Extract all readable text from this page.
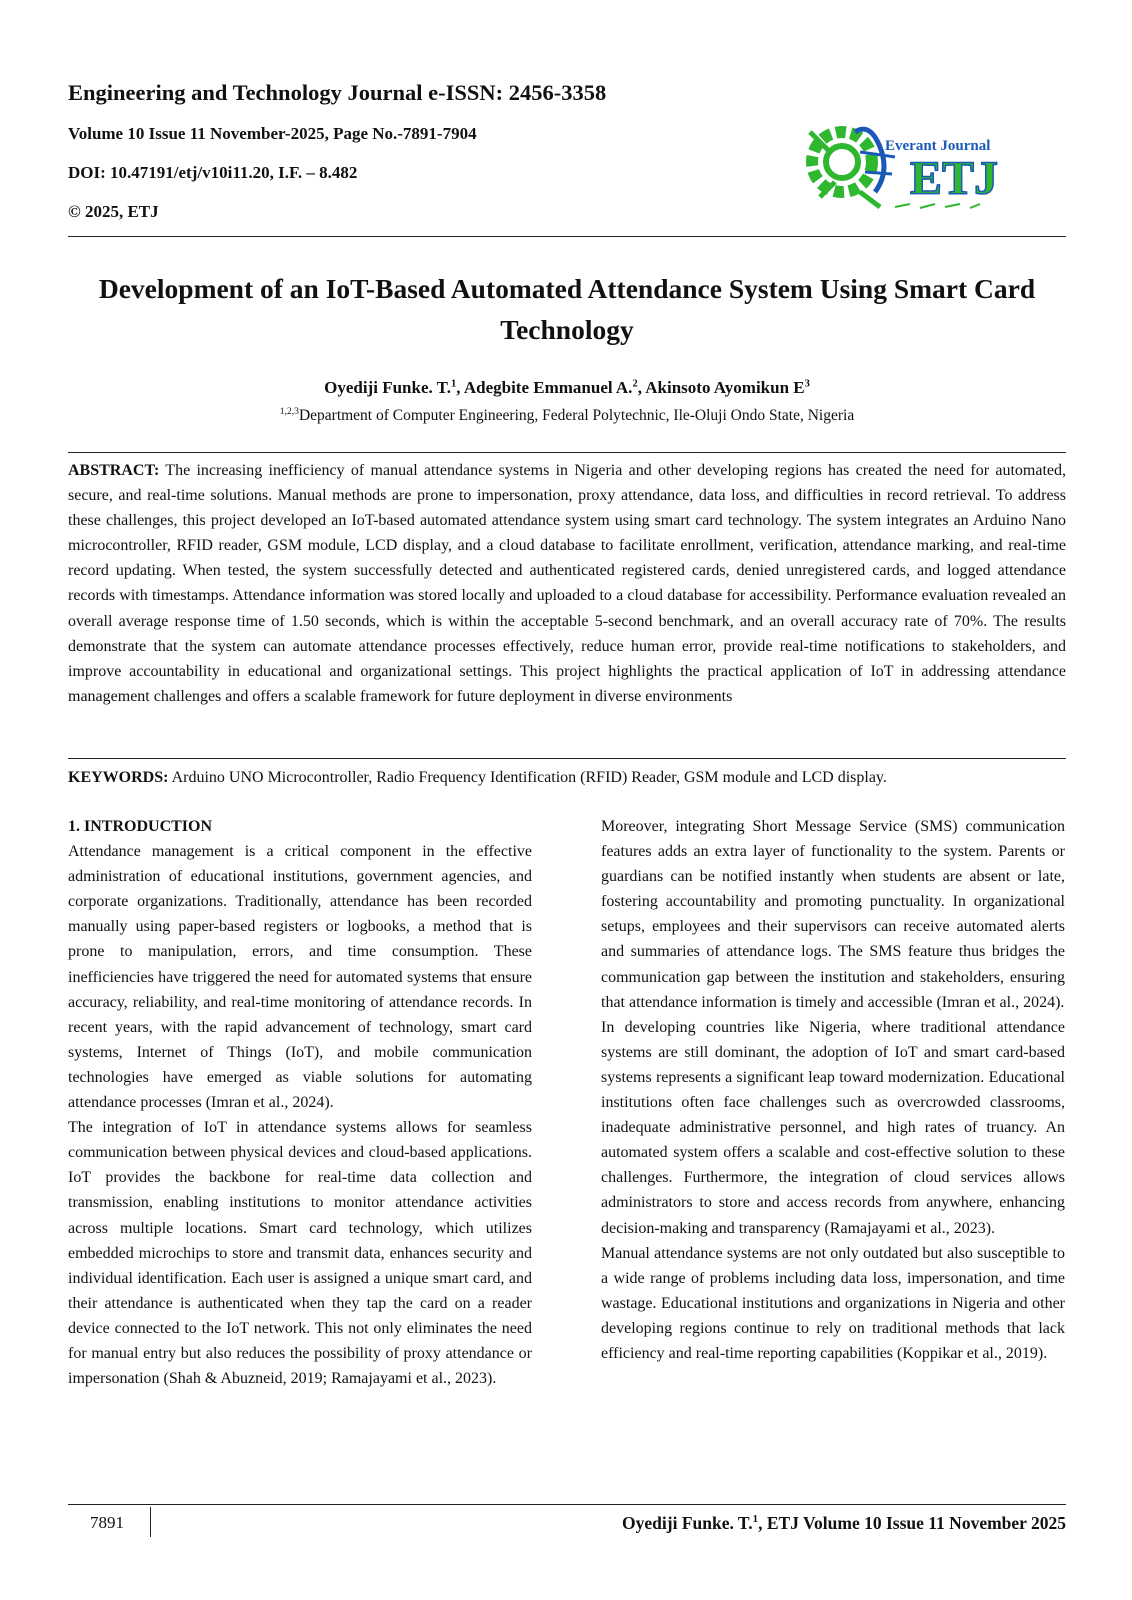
Engineering and Technology Journal e-ISSN: 2456-3358
Volume 10 Issue 11 November-2025, Page No.-7891-7904
DOI: 10.47191/etj/v10i11.20, I.F. – 8.482
© 2025, ETJ
Everant Journal
ETJ
Development of an IoT-Based Automated Attendance System Using Smart Card Technology
Oyediji Funke. T.$^1$, Adegbite Emmanuel A.$^2$, Akinsoto Ayomikun $E^3$
$^{1,2,3}$Department of Computer Engineering, Federal Polytechnic, Ile-Oluji Ondo State, Nigeria

ABSTRACT: The increasing inefficiency of manual attendance systems in Nigeria and other developing regions has created the need for automated, secure, and real-time solutions. Manual methods are prone to impersonation, proxy attendance, data loss, and difficulties in record retrieval. To address these challenges, this project developed an IoT-based automated attendance system using smart card technology. The system integrates an Arduino Nano microcontroller, RFID reader, GSM module, LCD display, and a cloud database to facilitate enrollment, verification, attendance marking, and real-time record updating. When tested, the system successfully detected and authenticated registered cards, denied unregistered cards, and logged attendance records with timestamps. Attendance information was stored locally and uploaded to a cloud database for accessibility. Performance evaluation revealed an overall average response time of 1.50 seconds, which is within the acceptable 5-second benchmark, and an overall accuracy rate of 70%. The results demonstrate that the system can automate attendance processes effectively, reduce human error, provide real-time notifications to stakeholders, and improve accountability in educational and organizational settings. This project highlights the practical application of IoT in addressing attendance management challenges and offers a scalable framework for future deployment in diverse environments

KEYWORDS: Arduino UNO Microcontroller, Radio Frequency Identification (RFID) Reader, GSM module and LCD display.
1. INTRODUCTION

Attendance management is a critical component in the effective administration of educational institutions, government agencies, and corporate organizations. Traditionally, attendance has been recorded manually using paper-based registers or logbooks, a method that is prone to manipulation, errors, and time consumption. These inefficiencies have triggered the need for automated systems that ensure accuracy, reliability, and real-time monitoring of attendance records. In recent years, with the rapid advancement of technology, smart card systems, Internet of Things (IoT), and mobile communication technologies have emerged as viable solutions for automating attendance processes (Imran et al., 2024).

The integration of IoT in attendance systems allows for seamless communication between physical devices and cloud-based applications. IoT provides the backbone for real-time data collection and transmission, enabling institutions to monitor attendance activities across multiple locations. Smart card technology, which utilizes embedded microchips to store and transmit data, enhances security and individual identification. Each user is assigned a unique smart card, and their attendance is authenticated when they tap the card on a reader device connected to the IoT network. This not only eliminates the need for manual entry but also reduces the possibility of proxy attendance or impersonation (Shah & Abuzneid, 2019; Ramajayami et al., 2023).

Moreover, integrating Short Message Service (SMS) communication features adds an extra layer of functionality to the system. Parents or guardians can be notified instantly when students are absent or late, fostering accountability and promoting punctuality. In organizational setups, employees and their supervisors can receive automated alerts and summaries of attendance logs. The SMS feature thus bridges the communication gap between the institution and stakeholders, ensuring that attendance information is timely and accessible (Imran et al., 2024).

In developing countries like Nigeria, where traditional attendance systems are still dominant, the adoption of IoT and smart card-based systems represents a significant leap toward modernization. Educational institutions often face challenges such as overcrowded classrooms, inadequate administrative personnel, and high rates of truancy. An automated system offers a scalable and cost-effective solution to these challenges. Furthermore, the integration of cloud services allows administrators to store and access records from anywhere, enhancing decision-making and transparency (Ramajayami et al., 2023).

Manual attendance systems are not only outdated but also susceptible to a wide range of problems including data loss, impersonation, and time wastage. Educational institutions and organizations in Nigeria and other developing regions continue to rely on traditional methods that lack efficiency and real-time reporting capabilities (Koppikar et al., 2019).

7891	Oyediji Funke. T.$^1$, ETJ Volume 10 Issue 11 November 2025
